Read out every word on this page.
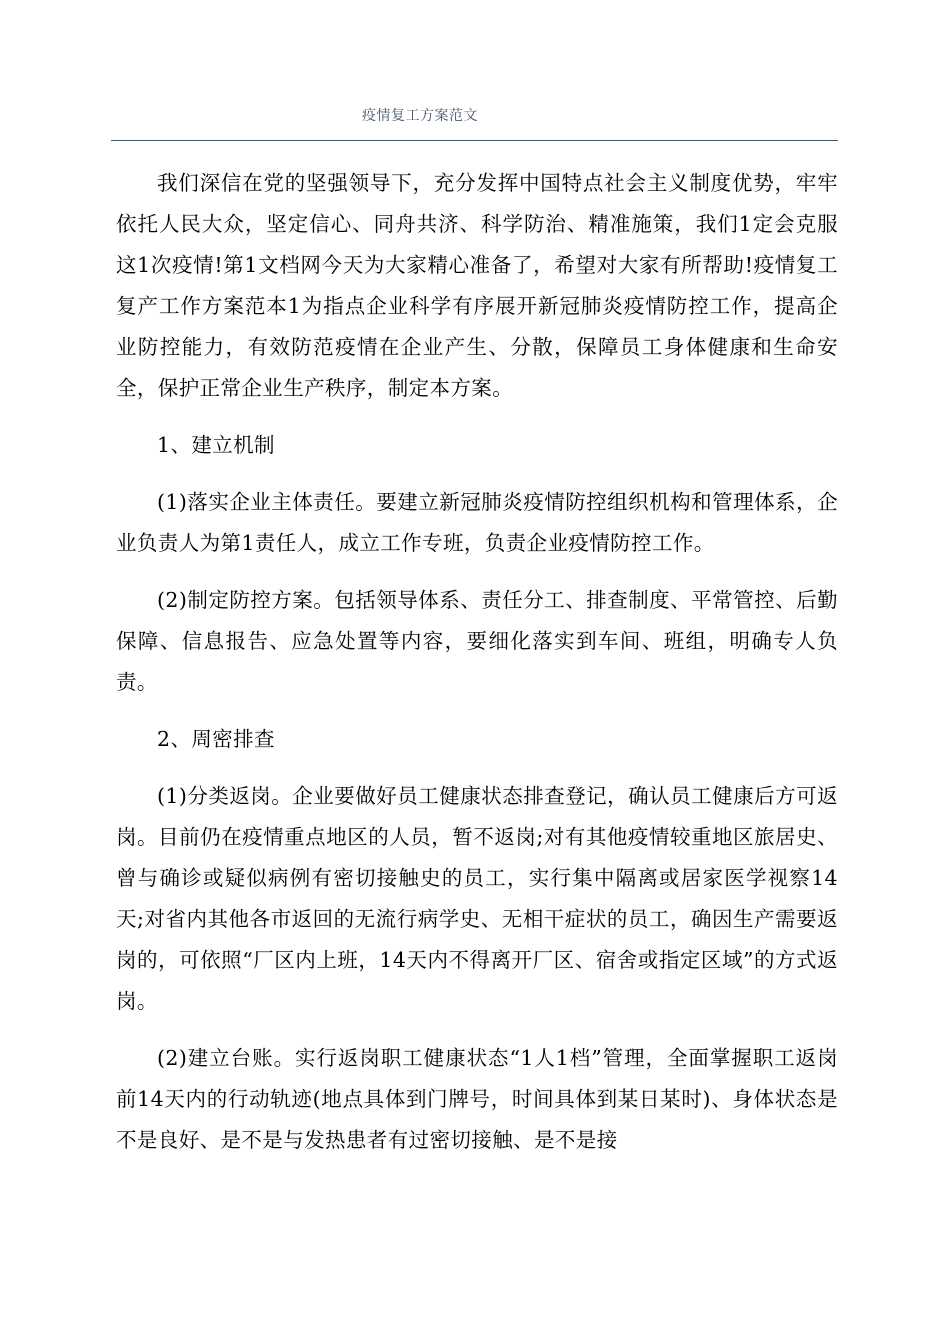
疫情复工方案范文

我们深信在党的坚强领导下，充分发挥中国特点社会主义制度优势，牢牢依托人民大众，坚定信心、同舟共济、科学防治、精准施策，我们1定会克服这1次疫情!第1文档网今天为大家精心准备了，希望对大家有所帮助!疫情复工复产工作方案范本1为指点企业科学有序展开新冠肺炎疫情防控工作，提高企业防控能力，有效防范疫情在企业产生、分散，保障员工身体健康和生命安全，保护正常企业生产秩序，制定本方案。

1、建立机制

(1)落实企业主体责任。要建立新冠肺炎疫情防控组织机构和管理体系，企业负责人为第1责任人，成立工作专班，负责企业疫情防控工作。

(2)制定防控方案。包括领导体系、责任分工、排查制度、平常管控、后勤保障、信息报告、应急处置等内容，要细化落实到车间、班组，明确专人负责。

2、周密排查

(1)分类返岗。企业要做好员工健康状态排查登记，确认员工健康后方可返岗。目前仍在疫情重点地区的人员，暂不返岗;对有其他疫情较重地区旅居史、曾与确诊或疑似病例有密切接触史的员工，实行集中隔离或居家医学视察14天;对省内其他各市返回的无流行病学史、无相干症状的员工，确因生产需要返岗的，可依照“厂区内上班，14天内不得离开厂区、宿舍或指定区域”的方式返岗。

(2)建立台账。实行返岗职工健康状态“1人1档”管理，全面掌握职工返岗前14天内的行动轨迹(地点具体到门牌号，时间具体到某日某时)、身体状态是不是良好、是不是与发热患者有过密切接触、是不是接
